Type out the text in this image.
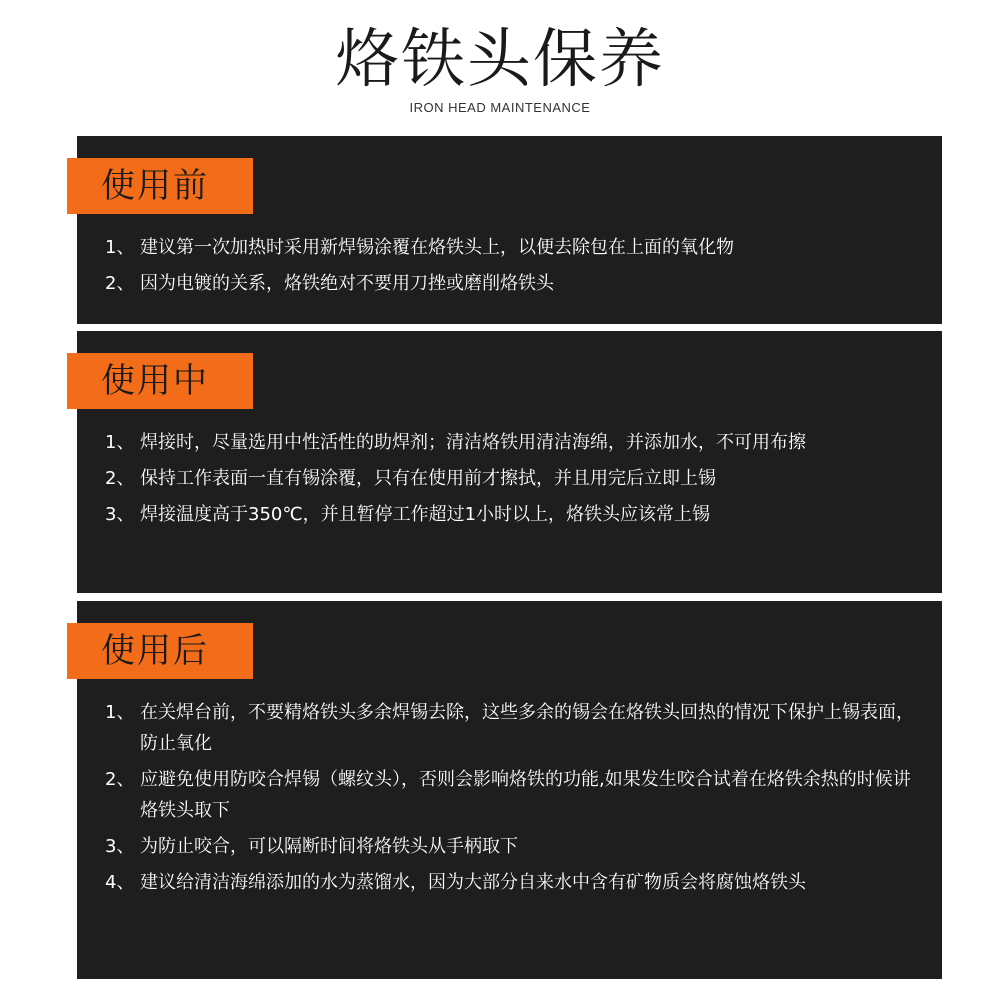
烙铁头保养
IRON HEAD MAINTENANCE
使用前
1、 建议第一次加热时采用新焊锡涂覆在烙铁头上，以便去除包在上面的氧化物
2、 因为电镀的关系，烙铁绝对不要用刀挫或磨削烙铁头
使用中
1、 焊接时，尽量选用中性活性的助焊剂；清洁烙铁用清洁海绵，并添加水，不可用布擦
2、 保持工作表面一直有锡涂覆，只有在使用前才擦拭，并且用完后立即上锡
3、 焊接温度高于350℃，并且暂停工作超过1小时以上，烙铁头应该常上锡
使用后
1、 在关焊台前，不要精烙铁头多余焊锡去除，这些多余的锡会在烙铁头回热的情况下保护上锡表面，防止氧化
2、 应避免使用防咬合焊锡（螺纹头），否则会影响烙铁的功能,如果发生咬合试着在烙铁余热的时候讲烙铁头取下
3、 为防止咬合，可以隔断时间将烙铁头从手柄取下
4、 建议给清洁海绵添加的水为蒸馏水，因为大部分自来水中含有矿物质会将腐蚀烙铁头
